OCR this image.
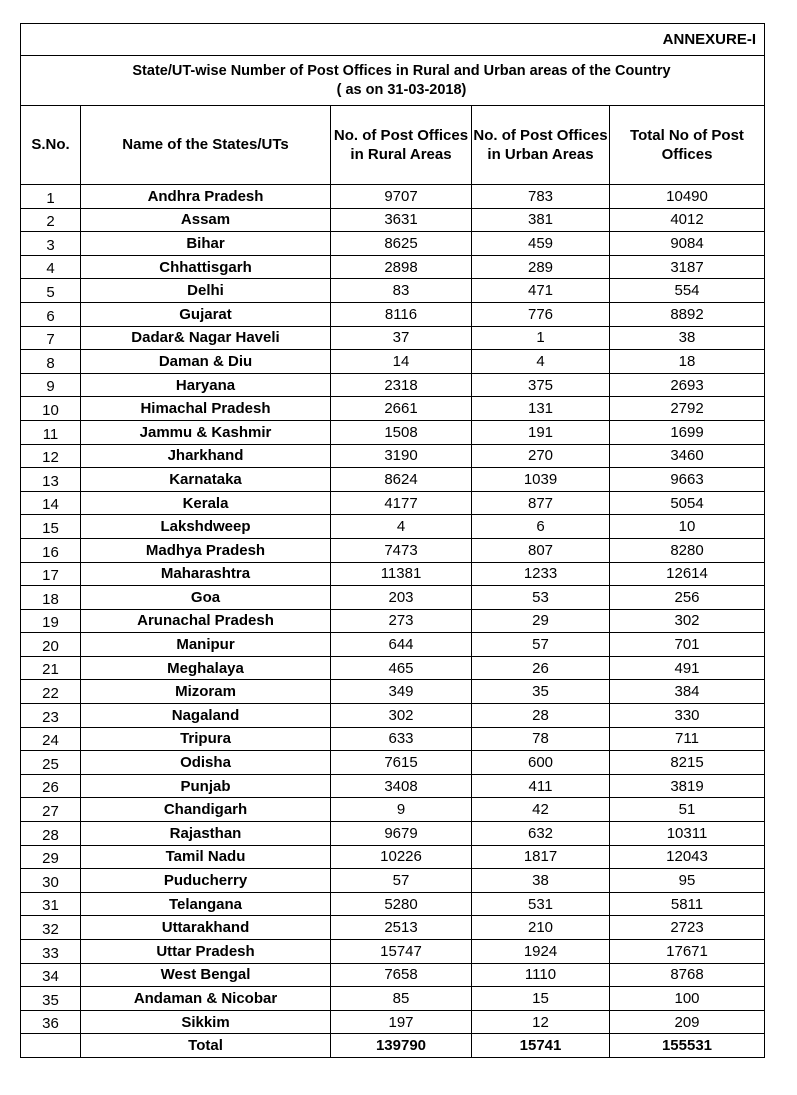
ANNEXURE-I				

State/UT-wise Number of Post Offices in Rural and Urban areas of the Country
( as on 31-03-2018)				

S.No.	Name of the States/UTs	No. of Post Offices in Rural Areas	No. of Post Offices in Urban Areas	Total No of Post Offices
1	Andhra Pradesh	9707	783	10490
2	Assam	3631	381	4012
3	Bihar	8625	459	9084
4	Chhattisgarh	2898	289	3187
5	Delhi	83	471	554
6	Gujarat	8116	776	8892
7	Dadar& Nagar Haveli	37	1	38
8	Daman & Diu	14	4	18
9	Haryana	2318	375	2693
10	Himachal Pradesh	2661	131	2792
11	Jammu & Kashmir	1508	191	1699
12	Jharkhand	3190	270	3460
13	Karnataka	8624	1039	9663
14	Kerala	4177	877	5054
15	Lakshdweep	4	6	10
16	Madhya Pradesh	7473	807	8280
17	Maharashtra	11381	1233	12614
18	Goa	203	53	256
19	Arunachal Pradesh	273	29	302
20	Manipur	644	57	701
21	Meghalaya	465	26	491
22	Mizoram	349	35	384
23	Nagaland	302	28	330
24	Tripura	633	78	711
25	Odisha	7615	600	8215
26	Punjab	3408	411	3819
27	Chandigarh	9	42	51
28	Rajasthan	9679	632	10311
29	Tamil Nadu	10226	1817	12043
30	Puducherry	57	38	95
31	Telangana	5280	531	5811
32	Uttarakhand	2513	210	2723
33	Uttar Pradesh	15747	1924	17671
34	West Bengal	7658	1110	8768
35	Andaman & Nicobar	85	15	100
36	Sikkim	197	12	209
	Total	139790	15741	155531
